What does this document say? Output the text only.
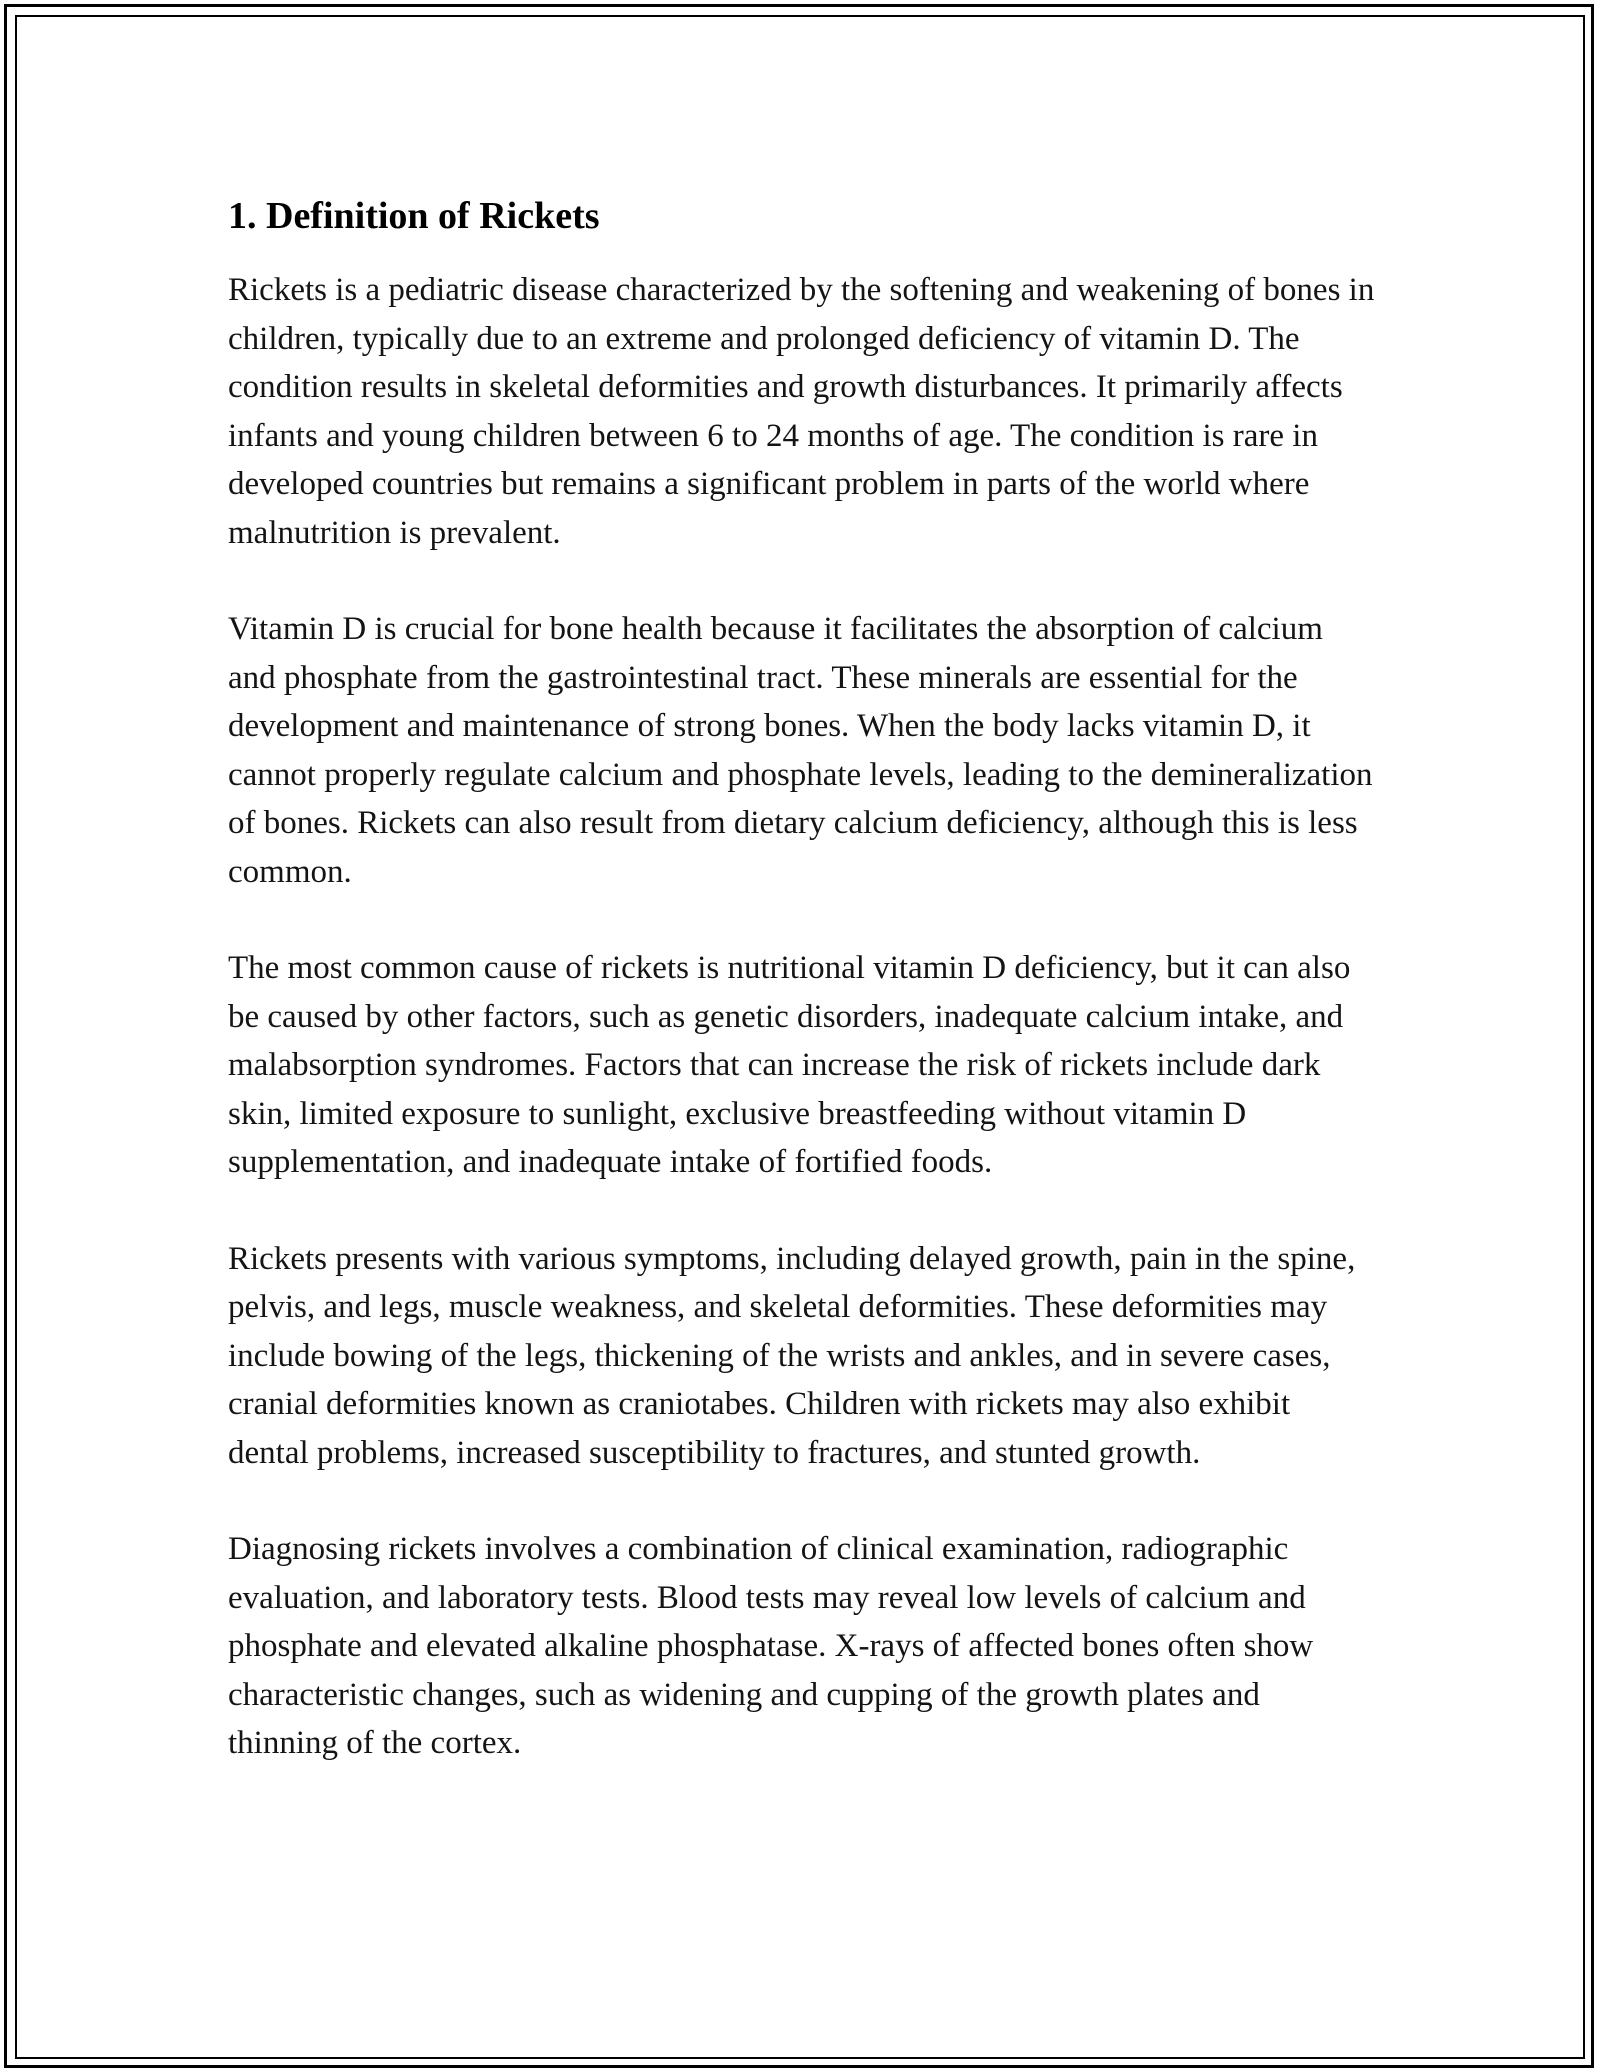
1. Definition of Rickets

Rickets is a pediatric disease characterized by the softening and weakening of bones in children, typically due to an extreme and prolonged deficiency of vitamin D. The condition results in skeletal deformities and growth disturbances. It primarily affects infants and young children between 6 to 24 months of age. The condition is rare in developed countries but remains a significant problem in parts of the world where malnutrition is prevalent.

Vitamin D is crucial for bone health because it facilitates the absorption of calcium and phosphate from the gastrointestinal tract. These minerals are essential for the development and maintenance of strong bones. When the body lacks vitamin D, it cannot properly regulate calcium and phosphate levels, leading to the demineralization of bones. Rickets can also result from dietary calcium deficiency, although this is less common.

The most common cause of rickets is nutritional vitamin D deficiency, but it can also be caused by other factors, such as genetic disorders, inadequate calcium intake, and malabsorption syndromes. Factors that can increase the risk of rickets include dark skin, limited exposure to sunlight, exclusive breastfeeding without vitamin D supplementation, and inadequate intake of fortified foods.

Rickets presents with various symptoms, including delayed growth, pain in the spine, pelvis, and legs, muscle weakness, and skeletal deformities. These deformities may include bowing of the legs, thickening of the wrists and ankles, and in severe cases, cranial deformities known as craniotabes. Children with rickets may also exhibit dental problems, increased susceptibility to fractures, and stunted growth.

Diagnosing rickets involves a combination of clinical examination, radiographic evaluation, and laboratory tests. Blood tests may reveal low levels of calcium and phosphate and elevated alkaline phosphatase. X-rays of affected bones often show characteristic changes, such as widening and cupping of the growth plates and thinning of the cortex.
